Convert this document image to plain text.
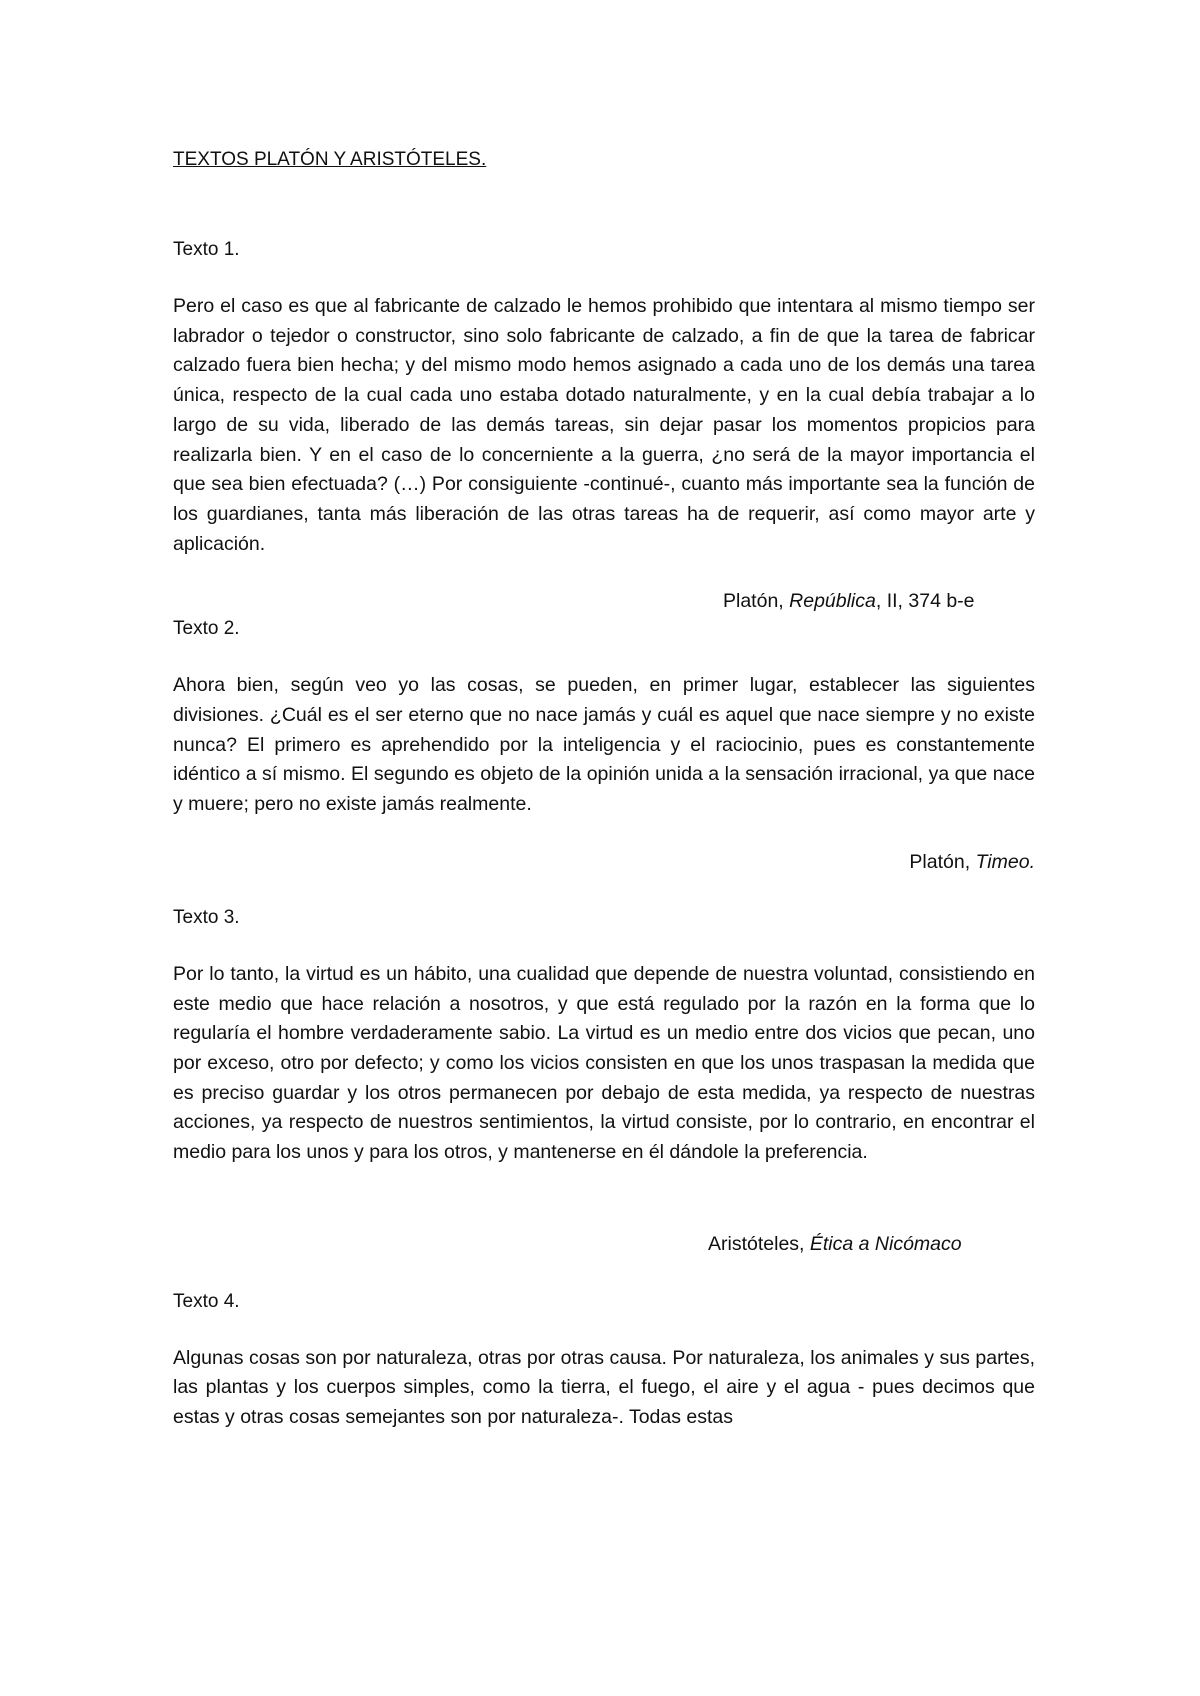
TEXTOS PLATÓN Y ARISTÓTELES.

Texto 1.

Pero el caso es que al fabricante de calzado le hemos prohibido que intentara al mismo tiempo ser labrador o tejedor o constructor, sino solo fabricante de calzado, a fin de que la tarea de fabricar calzado fuera bien hecha; y del mismo modo hemos asignado a cada uno de los demás una tarea única, respecto de la cual cada uno estaba dotado naturalmente, y en la cual debía trabajar a lo largo de su vida, liberado de las demás tareas, sin dejar pasar los momentos propicios para realizarla bien. Y en el caso de lo concerniente a la guerra, ¿no será de la mayor importancia el que sea bien efectuada? (…) Por consiguiente -continué-, cuanto más importante sea la función de los guardianes, tanta más liberación de las otras tareas ha de requerir, así como mayor arte y aplicación.

Platón, República, II, 374 b-e

Texto 2.

Ahora bien, según veo yo las cosas, se pueden, en primer lugar, establecer las siguientes divisiones. ¿Cuál es el ser eterno que no nace jamás y cuál es aquel que nace siempre y no existe nunca? El primero es aprehendido por la inteligencia y el raciocinio, pues es constantemente idéntico a sí mismo. El segundo es objeto de la opinión unida a la sensación irracional, ya que nace y muere; pero no existe jamás realmente.

Platón, Timeo.

Texto 3.

Por lo tanto, la virtud es un hábito, una cualidad que depende de nuestra voluntad, consistiendo en este medio que hace relación a nosotros, y que está regulado por la razón en la forma que lo regularía el hombre verdaderamente sabio. La virtud es un medio entre dos vicios que pecan, uno por exceso, otro por defecto; y como los vicios consisten en que los unos traspasan la medida que es preciso guardar y los otros permanecen por debajo de esta medida, ya respecto de nuestras acciones, ya respecto de nuestros sentimientos, la virtud consiste, por lo contrario, en encontrar el medio para los unos y para los otros, y mantenerse en él dándole la preferencia.

Aristóteles, Ética a Nicómaco

Texto 4.

Algunas cosas son por naturaleza, otras por otras causa. Por naturaleza, los animales y sus partes, las plantas y los cuerpos simples, como la tierra, el fuego, el aire y el agua - pues decimos que estas y otras cosas semejantes son por naturaleza-. Todas estas
